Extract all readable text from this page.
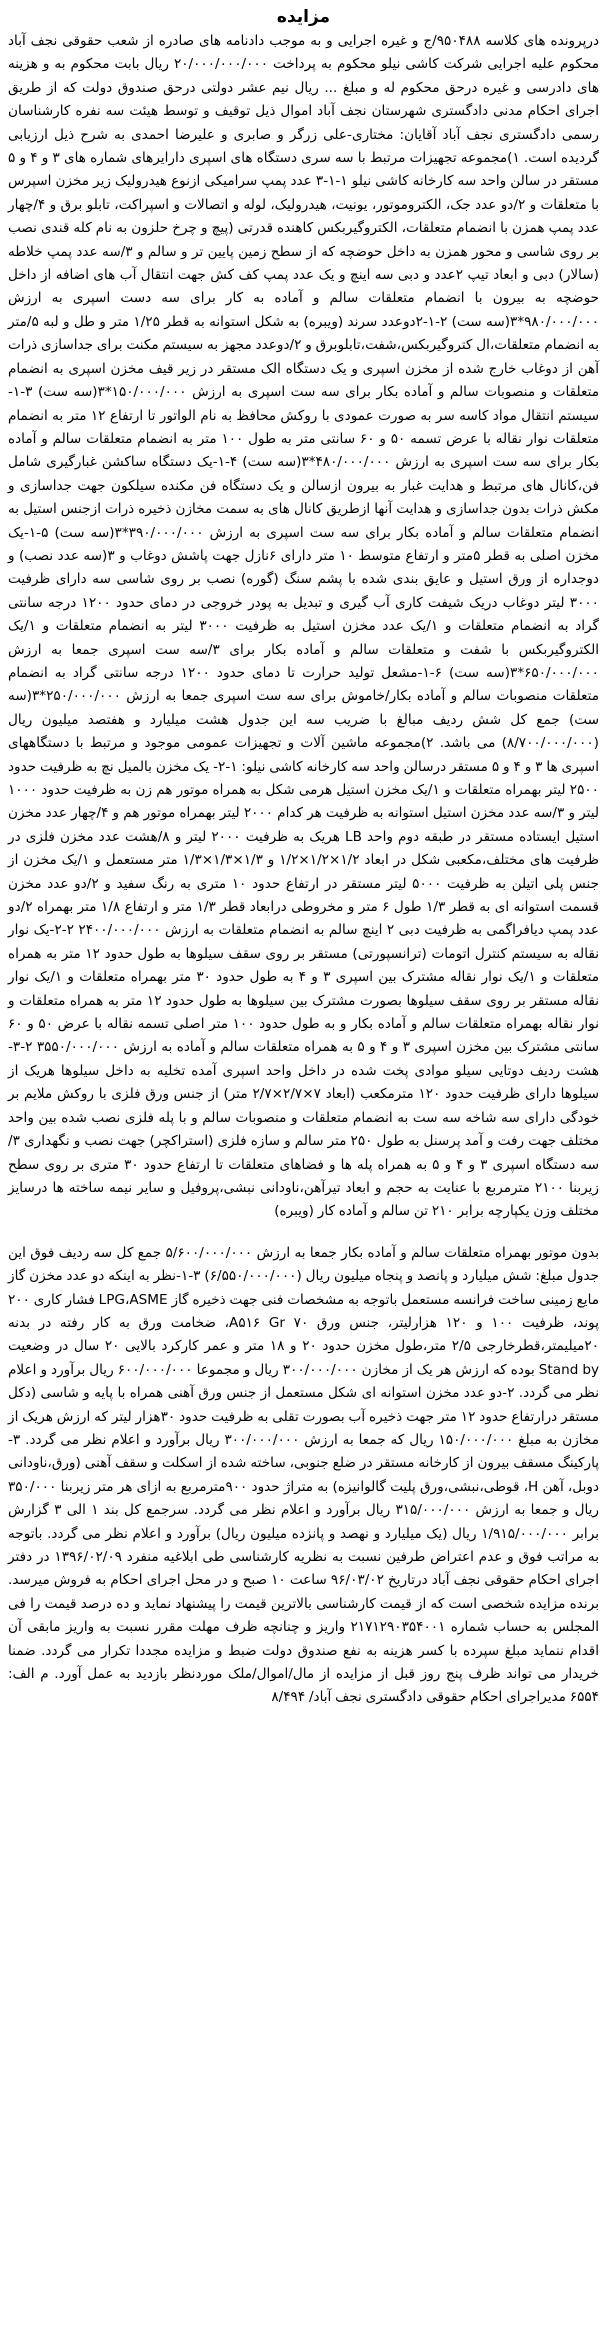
مزایده

درپرونده های کلاسه ۹۵۰۴۸۸/ج و غیره اجرایی و به موجب دادنامه های صادره از شعب حقوقی نجف آباد محکوم علیه اجرایی شرکت کاشی نیلو محکوم به پرداخت ۲۰/۰۰۰/۰۰۰/۰۰۰ ریال بابت محکوم به و هزینه های دادرسی و غیره درحق محکوم له و مبلغ ... ریال نیم عشر دولتی درحق صندوق دولت که از طریق اجرای احکام مدنی دادگستری شهرستان نجف آباد اموال ذیل توقیف و توسط هیئت سه نفره کارشناسان رسمی دادگستری نجف آباد آقایان: مختاری-علی زرگر و صابری و علیرضا احمدی به شرح ذیل ارزیابی گردیده است. ۱)مجموعه تجهیزات مرتبط با سه سری دستگاه های اسپری دارایرهای شماره های ۳ و ۴ و ۵ مستقر در سالن واحد سه کارخانه کاشی نیلو ۱-۱-۳ عدد پمپ سرامیکی ازنوع هیدرولیک زیر مخزن اسپرس با متعلقات و ۲/دو عدد جک، الکتروموتور، یونیت، هیدرولیک، لوله و اتصالات و اسپراکت، تابلو برق و ۴/چهار عدد پمپ همزن با انضمام متعلقات، الکتروگیربکس کاهنده قدرتی (پیچ و چرخ حلزون به نام کله قندی نصب بر روی شاسی و محور همزن به داخل حوضچه که از سطح زمین پایین تر و سالم و ۳/سه عدد پمپ خلاطه (سالار) دبی و ابعاد تیپ ۲عدد و دبی سه اینچ و یک عدد پمپ کف کش جهت انتقال آب های اضافه از داخل حوضچه به بیرون با انضمام متعلقات سالم و آماده به کار برای سه دست اسپری به ارزش ۹۸۰/۰۰۰/۰۰۰*۳(سه ست) ۲-۱-۲دوعدد سرند (ویبره) به شکل استوانه به قطر ۱/۲۵ متر و طل و لبه ۵/متر به انضمام متعلقات،ال کتروگیربکس،شفت،تابلوبرق و ۲/دوعدد مجهز به سیستم مکنت برای جداسازی ذرات آهن از دوغاب خارج شده از مخزن اسپری و یک دستگاه الک مستقر در زیر قیف مخزن اسپری به انضمام متعلقات و منصوبات سالم و آماده بکار برای سه ست اسپری به ارزش ۱۵۰/۰۰۰/۰۰۰*۳(سه ست) ۳-۱- سیستم انتقال مواد کاسه سر به صورت عمودی با روکش محافظ به نام الواتور تا ارتفاع ۱۲ متر به انضمام متعلقات نوار نقاله با عرض تسمه ۵۰ و ۶۰ سانتی متر به طول ۱۰۰ متر به انضمام متعلقات سالم و آماده بکار برای سه ست اسپری به ارزش ۴۸۰/۰۰۰/۰۰۰*۳(سه ست) ۴-۱-یک دستگاه ساکشن غبارگیری شامل فن،کانال های مرتبط و هدایت غبار به بیرون ازسالن و یک دستگاه فن مکنده سیلکون جهت جداسازی و مکش ذرات بدون جداسازی و هدایت آنها ازطریق کانال های به سمت مخازن ذخیره ذرات ازجنس استیل به انضمام متعلقات سالم و آماده بکار برای سه ست اسپری به ارزش ۳۹۰/۰۰۰/۰۰۰*۳(سه ست) ۵-۱-یک مخزن اصلی به قطر ۵متر و ارتفاع متوسط ۱۰ متر دارای ۶نازل جهت پاشش دوغاب و ۳(سه عدد نصب) و دوجداره از ورق استیل و عایق بندی شده با پشم سنگ (گوره) نصب بر روی شاسی سه دارای ظرفیت ۳۰۰۰ لیتر دوغاب دریک شیفت کاری آب گیری و تبدیل به پودر خروجی در دمای حدود ۱۲۰۰ درجه سانتی گراد به انضمام متعلقات و ۱/یک عدد مخزن استیل به ظرفیت ۳۰۰۰ لیتر به انضمام متعلقات و ۱/یک الکتروگیربکس با شفت و متعلقات سالم و آماده بکار برای ۳/سه ست اسپری جمعا به ارزش ۶۵۰/۰۰۰/۰۰۰*۳(سه ست) ۶-۱-مشعل تولید حرارت تا دمای حدود ۱۲۰۰ درجه سانتی گراد به انضمام متعلقات منصوبات سالم و آماده بکار/خاموش برای سه ست اسپری جمعا به ارزش ۲۵۰/۰۰۰/۰۰۰*۳(سه ست) جمع کل شش ردیف مبالغ با ضریب سه این جدول هشت میلیارد و هفتصد میلیون ریال (۸/۷۰۰/۰۰۰/۰۰۰) می باشد. ۲)مجموعه ماشین آلات و تجهیزات عمومی موجود و مرتبط با دستگاههای اسپری ها ۳ و ۴ و ۵ مستقر درسالن واحد سه کارخانه کاشی نیلو: ۱-۲- یک مخزن بالمیل نچ به ظرفیت حدود ۲۵۰۰ لیتر بهمراه متعلقات و ۱/یک مخزن استیل هرمی شکل به همراه موتور هم زن به ظرفیت حدود ۱۰۰۰ لیتر و ۳/سه عدد مخزن استیل استوانه به ظرفیت هر کدام ۲۰۰۰ لیتر بهمراه موتور هم و ۴/چهار عدد مخزن استیل ایستاده مستقر در طبقه دوم واحد LB هریک به ظرفیت ۲۰۰۰ لیتر و ۸/هشت عدد مخزن فلزی در ظرفیت های مختلف،مکعبی شکل در ابعاد ۱/۲×۱/۲×۱/۲ و ۱/۳×۱/۳×۱/۳ متر مستعمل و ۱/یک مخزن از جنس پلی اتیلن به ظرفیت ۵۰۰۰ لیتر مستقر در ارتفاع حدود ۱۰ متری به رنگ سفید و ۲/دو عدد مخزن قسمت استوانه ای به قطر ۱/۳ طول ۶ متر و مخروطی درابعاد قطر ۱/۳ متر و ارتفاع ۱/۸ متر بهمراه ۲/دو عدد پمپ دیافراگمی به ظرفیت دبی ۲ اینچ سالم به انضمام متعلقات به ارزش ۲۴۰۰/۰۰۰/۰۰۰ ۲-۲-یک نوار نقاله به سیستم کنترل اتومات (ترانسپورتی) مستقر بر روی سقف سیلوها به طول حدود ۱۲ متر به همراه متعلقات و ۱/یک نوار نقاله مشترک بین اسپری ۳ و ۴ به طول حدود ۳۰ متر بهمراه متعلقات و ۱/یک نوار نقاله مستقر بر روی سقف سیلوها بصورت مشترک بین سیلوها به طول حدود ۱۲ متر به همراه متعلقات و نوار نقاله بهمراه متعلقات سالم و آماده بکار و به طول حدود ۱۰۰ متر اصلی تسمه نقاله با عرض ۵۰ و ۶۰ سانتی مشترک بین مخزن اسپری ۳ و ۴ و ۵ به همراه متعلقات سالم و آماده به ارزش ۳۵۵۰/۰۰۰/۰۰۰ ۲-۳-هشت ردیف دوتایی سیلو موادی پخت شده در داخل واحد اسپری آمده تخلیه به داخل سیلوها هریک از سیلوها دارای ظرفیت حدود ۱۲۰ مترمکعب (ابعاد ۷×۲/۷×۲/۷ متر) از جنس ورق فلزی با روکش ملایم بر خودگی دارای سه شاخه سه ست به انضمام متعلقات و منصوبات سالم و با پله فلزی نصب شده بین واحد مختلف جهت رفت و آمد پرسنل به طول ۲۵۰ متر سالم و سازه فلزی (استراکچر) جهت نصب و نگهداری ۳/سه دستگاه اسپری ۳ و ۴ و ۵ به همراه پله ها و فضاهای متعلقات تا ارتفاع حدود ۳۰ متری بر روی سطح زیربنا ۲۱۰۰ مترمربع با عنایت به حجم و ابعاد تیرآهن،ناودانی نبشی،پروفیل و سایر نیمه ساخته ها درسایز مختلف وزن یکپارچه برابر ۲۱۰ تن سالم و آماده کار (ویبره)

بدون موتور بهمراه متعلقات سالم و آماده بکار جمعا به ارزش ۵/۶۰۰/۰۰۰/۰۰۰ جمع کل سه ردیف فوق این جدول مبلغ: شش میلیارد و پانصد و پنجاه میلیون ریال (۶/۵۵۰/۰۰۰/۰۰۰) ۳-۱-نظر به اینکه دو عدد مخزن گاز مایع زمینی ساخت فرانسه مستعمل باتوجه به مشخصات فنی جهت ذخیره گاز LPG،ASME فشار کاری ۲۰۰ پوند، ظرفیت ۱۰۰ و ۱۲۰ هزارلیتر، جنس ورق A۵۱۶ Gr ۷۰، ضخامت ورق به کار رفته در بدنه ۲۰میلیمتر،قطرخارجی ۲/۵ متر،طول مخزن حدود ۲۰ و ۱۸ متر و عمر کارکرد بالایی ۲۰ سال در وضعیت Stand by بوده که ارزش هر یک از مخازن ۳۰۰/۰۰۰/۰۰۰ ریال و مجموعا ۶۰۰/۰۰۰/۰۰۰ ریال برآورد و اعلام نظر می گردد. ۲-دو عدد مخزن استوانه ای شکل مستعمل از جنس ورق آهنی همراه با پایه و شاسی (دکل مستقر درارتفاع حدود ۱۲ متر جهت ذخیره آب بصورت تقلی به ظرفیت حدود ۳۰هزار لیتر که ارزش هریک از مخازن به مبلغ ۱۵۰/۰۰۰/۰۰۰ ریال که جمعا به ارزش ۳۰۰/۰۰۰/۰۰۰ ریال برآورد و اعلام نظر می گردد. ۳-پارکینگ مسقف بیرون از کارخانه مستقر در ضلع جنوبی، ساخته شده از اسکلت و سقف آهنی (ورق،ناودانی دوبل، آهن H، قوطی،نبشی،ورق پلیت گالوانیزه) به متراژ حدود ۹۰۰مترمربع به ازای هر متر زیربنا ۳۵۰/۰۰۰ ریال و جمعا به ارزش ۳۱۵/۰۰۰/۰۰۰ ریال برآورد و اعلام نظر می گردد. سرجمع کل بند ۱ الی ۳ گزارش برابر ۱/۹۱۵/۰۰۰/۰۰۰ ریال (یک میلیارد و نهصد و پانزده میلیون ریال) برآورد و اعلام نظر می گردد. باتوجه به مراتب فوق و عدم اعتراض طرفین نسبت به نظریه کارشناسی طی ابلاغیه منفرد ۱۳۹۶/۰۲/۰۹ در دفتر اجرای احکام حقوقی نجف آباد درتاریخ ۹۶/۰۳/۰۲ ساعت ۱۰ صبح و در محل اجرای احکام به فروش میرسد. برنده مزایده شخصی است که از قیمت کارشناسی بالاترین قیمت را پیشنهاد نماید و ده درصد قیمت را فی المجلس به حساب شماره ۲۱۷۱۲۹۰۳۵۴۰۰۱ واریز و چنانچه ظرف مهلت مقرر نسبت به واریز مابقی آن اقدام ننماید مبلغ سپرده با کسر هزینه به نفع صندوق دولت ضبط و مزایده مجددا تکرار می گردد. ضمنا خریدار می تواند ظرف پنج روز قبل از مزایده از مال/اموال/ملک موردنظر بازدید به عمل آورد. م الف: ۶۵۵۴ مدیراجرای احکام حقوقی دادگستری نجف آباد/ ۸/۴۹۴
